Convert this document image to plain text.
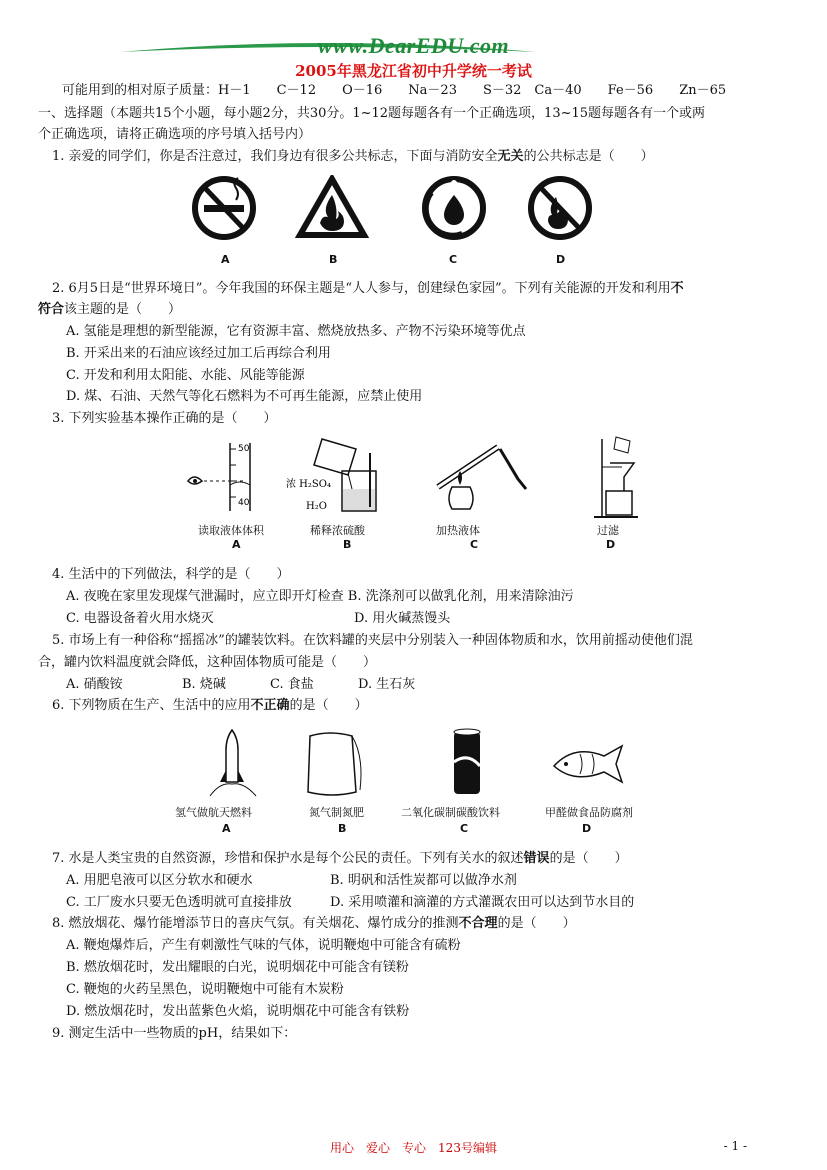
www.DearEDU.com
2005年黑龙江省初中升学统一考试
可能用到的相对原子质量：H－1　　C－12　　O－16　　Na－23　　S－32　Ca－40　　Fe－56　　Zn－65
一、选择题（本题共15个小题，每小题2分，共30分。1~12题每题各有一个正确选项，13~15题每题各有一个或两
个正确选项，请将正确选项的序号填入括号内）
1. 亲爱的同学们，你是否注意过，我们身边有很多公共标志，下面与消防安全无关的公共标志是（　　）
A	B	C	D
2. 6月5日是“世界环境日”。今年我国的环保主题是“人人参与，创建绿色家园”。下列有关能源的开发和利用不
符合该主题的是（　　）
A. 氢能是理想的新型能源，它有资源丰富、燃烧放热多、产物不污染环境等优点
B. 开采出来的石油应该经过加工后再综合利用
C. 开发和利用太阳能、水能、风能等能源
D. 煤、石油、天然气等化石燃料为不可再生能源，应禁止使用
3. 下列实验基本操作正确的是（　　）
50
40
浓 H₂SO₄
H₂O
读取液体体积	稀释浓硫酸	加热液体	过滤
A	B	C	D
4. 生活中的下列做法，科学的是（　　）
A. 夜晚在家里发现煤气泄漏时，应立即开灯检查 B. 洗涤剂可以做乳化剂，用来清除油污
C. 电器设备着火用水烧灭	D. 用火碱蒸馒头
5. 市场上有一种俗称“摇摇冰”的罐装饮料。在饮料罐的夹层中分别装入一种固体物质和水，饮用前摇动使他们混
合，罐内饮料温度就会降低，这种固体物质可能是（　　）
A. 硝酸铵	B. 烧碱	C. 食盐	D. 生石灰
6. 下列物质在生产、生活中的应用不正确的是（　　）
氢气做航天燃料	氮气制氮肥	二氧化碳制碳酸饮料	甲醛做食品防腐剂
A	B	C	D
7. 水是人类宝贵的自然资源，珍惜和保护水是每个公民的责任。下列有关水的叙述错误的是（　　）
A. 用肥皂液可以区分软水和硬水	B. 明矾和活性炭都可以做净水剂
C. 工厂废水只要无色透明就可直接排放	D. 采用喷灌和滴灌的方式灌溉农田可以达到节水目的
8. 燃放烟花、爆竹能增添节日的喜庆气氛。有关烟花、爆竹成分的推测不合理的是（　　）
A. 鞭炮爆炸后，产生有刺激性气味的气体，说明鞭炮中可能含有硫粉
B. 燃放烟花时，发出耀眼的白光，说明烟花中可能含有镁粉
C. 鞭炮的火药呈黑色，说明鞭炮中可能有木炭粉
D. 燃放烟花时，发出蓝紫色火焰，说明烟花中可能含有铁粉
9. 测定生活中一些物质的pH，结果如下：
用心　爱心　专心　123号编辑	- 1 -
